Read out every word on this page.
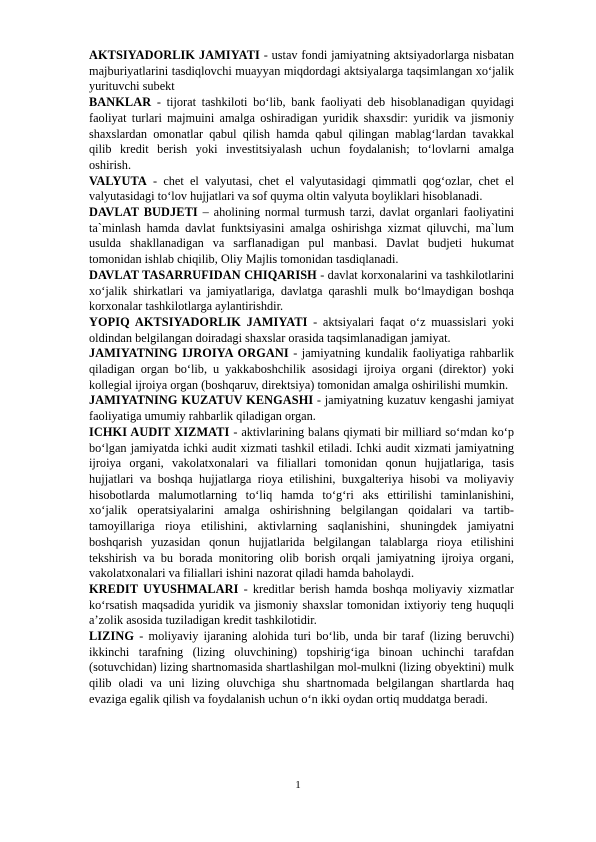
AKTSIYADORLIK JAMIYATI - ustav fondi jamiyatning aktsiyadorlarga nisbatan majburiyatlarini tasdiqlovchi muayyan miqdordagi aktsiyalarga taqsimlangan xoʻjalik yurituvchi subekt

BANKLAR - tijorat tashkiloti boʻlib, bank faoliyati deb hisoblanadigan quyidagi faoliyat turlari majmuini amalga oshiradigan yuridik shaxsdir: yuridik va jismoniy shaxslardan omonatlar qabul qilish hamda qabul qilingan mablagʻlardan tavakkal qilib kredit berish yoki investitsiyalash uchun foydalanish; toʻlovlarni amalga oshirish.

VALYUTA - chet el valyutasi, chet el valyutasidagi qimmatli qogʻozlar, chet el valyutasidagi toʻlov hujjatlari va sof quyma oltin valyuta boyliklari hisoblanadi.

DAVLAT BUDJETI – aholining normal turmush tarzi, davlat organlari faoliyatini ta`minlash hamda davlat funktsiyasini amalga oshirishga xizmat qiluvchi, ma`lum usulda shakllanadigan va sarflanadigan pul manbasi. Davlat budjeti hukumat tomonidan ishlab chiqilib, Oliy Majlis tomonidan tasdiqlanadi.

DAVLAT TASARRUFIDAN CHIQARISH - davlat korxonalarini va tashkilotlarini xoʻjalik shirkatlari va jamiyatlariga, davlatga qarashli mulk boʻlmaydigan boshqa korxonalar tashkilotlarga aylantirishdir.

YOPIQ AKTSIYADORLIK JAMIYATI - aktsiyalari faqat oʻz muassislari yoki oldindan belgilangan doiradagi shaxslar orasida taqsimlanadigan jamiyat.

JAMIYATNING IJROIYA ORGANI - jamiyatning kundalik faoliyatiga rahbarlik qiladigan organ boʻlib, u yakkaboshchilik asosidagi ijroiya organi (direktor) yoki kollegial ijroiya organ (boshqaruv, direktsiya) tomonidan amalga oshirilishi mumkin.

JAMIYATNING KUZATUV KENGASHI - jamiyatning kuzatuv kengashi jamiyat faoliyatiga umumiy rahbarlik qiladigan organ.

ICHKI AUDIT XIZMATI - aktivlarining balans qiymati bir milliard soʻmdan koʻp boʻlgan jamiyatda ichki audit xizmati tashkil etiladi. Ichki audit xizmati jamiyatning ijroiya organi, vakolatxonalari va filiallari tomonidan qonun hujjatlariga, tasis hujjatlari va boshqa hujjatlarga rioya etilishini, buxgalteriya hisobi va moliyaviy hisobotlarda malumotlarning toʻliq hamda toʻgʻri aks ettirilishi taminlanishini, xoʻjalik operatsiyalarini amalga oshirishning belgilangan qoidalari va tartib-tamoyillariga rioya etilishini, aktivlarning saqlanishini, shuningdek jamiyatni boshqarish yuzasidan qonun hujjatlarida belgilangan talablarga rioya etilishini tekshirish va bu borada monitoring olib borish orqali jamiyatning ijroiya organi, vakolatxonalari va filiallari ishini nazorat qiladi hamda baholaydi.

KREDIT UYUSHMALARI - kreditlar berish hamda boshqa moliyaviy xizmatlar koʻrsatish maqsadida yuridik va jismoniy shaxslar tomonidan ixtiyoriy teng huquqli a’zolik asosida tuziladigan kredit tashkilotidir.

LIZING - moliyaviy ijaraning alohida turi boʻlib, unda bir taraf (lizing beruvchi) ikkinchi tarafning (lizing oluvchining) topshirigʻiga binoan uchinchi tarafdan (sotuvchidan) lizing shartnomasida shartlashilgan mol-mulkni (lizing obyektini) mulk qilib oladi va uni lizing oluvchiga shu shartnomada belgilangan shartlarda haq evaziga egalik qilish va foydalanish uchun oʻn ikki oydan ortiq muddatga beradi.

1
